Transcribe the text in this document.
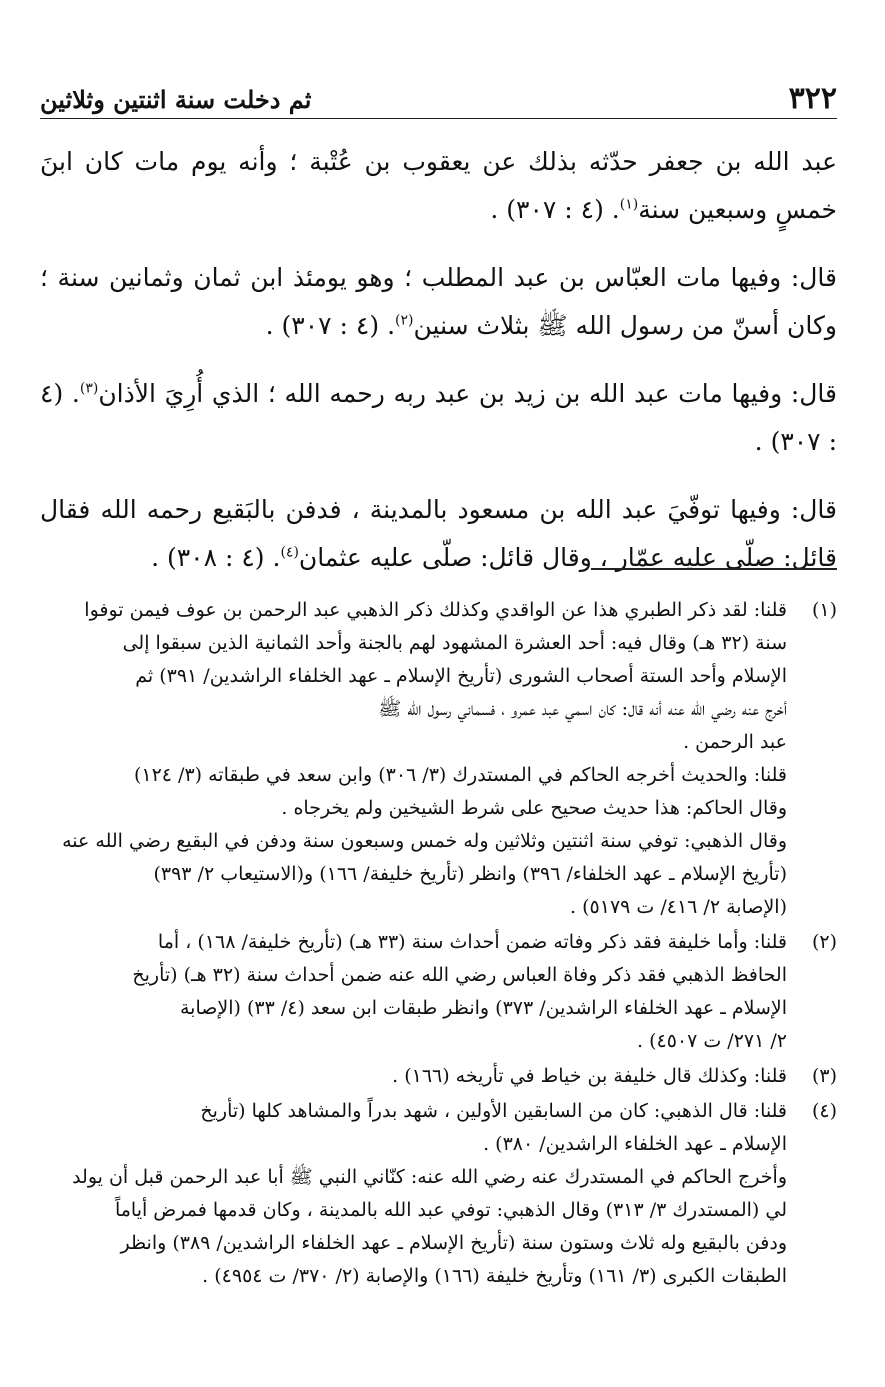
٣٢٢
ثم دخلت سنة اثنتين وثلاثين

عبد الله بن جعفر حدّثه بذلك عن يعقوب بن عُتْبة ؛ وأنه يوم مات كان ابنَ خمسٍ وسبعين سنة$^{(١)}$. (٤ : ٣٠٧) .

قال: وفيها مات العبّاس بن عبد المطلب ؛ وهو يومئذ ابن ثمان وثمانين سنة ؛ وكان أسنّ من رسول الله ﷺ بثلاث سنين$^{(٢)}$. (٤ : ٣٠٧) .

قال: وفيها مات عبد الله بن زيد بن عبد ربه رحمه الله ؛ الذي أُرِيَ الأذان$^{(٣)}$. (٤ : ٣٠٧) .

قال: وفيها توفّيَ عبد الله بن مسعود بالمدينة ، فدفن بالبَقيع رحمه الله فقال قائل: صلّى عليه عمّار ، وقال قائل: صلّى عليه عثمان$^{(٤)}$. (٤ : ٣٠٨) .

(١)

قلنا: لقد ذكر الطبري هذا عن الواقدي وكذلك ذكر الذهبي عبد الرحمن بن عوف فيمن توفوا

سنة (٣٢ هـ) وقال فيه: أحد العشرة المشهود لهم بالجنة وأحد الثمانية الذين سبقوا إلى

الإسلام وأحد الستة أصحاب الشورى (تأريخ الإسلام ـ عهد الخلفاء الراشدين/ ٣٩١) ثم

أخرج عنه رضي الله عنه أنه قال: كان اسمي عبد عمرو ، فسماني رسول الله ﷺ

عبد الرحمن .

قلنا: والحديث أخرجه الحاكم في المستدرك (٣/ ٣٠٦) وابن سعد في طبقاته (٣/ ١٢٤)

وقال الحاكم: هذا حديث صحيح على شرط الشيخين ولم يخرجاه .

وقال الذهبي: توفي سنة اثنتين وثلاثين وله خمس وسبعون سنة ودفن في البقيع رضي الله عنه

(تأريخ الإسلام ـ عهد الخلفاء/ ٣٩٦) وانظر (تأريخ خليفة/ ١٦٦) و(الاستيعاب ٢/ ٣٩٣)

(الإصابة ٢/ ٤١٦/ ت ٥١٧٩) .

(٢)

قلنا: وأما خليفة فقد ذكر وفاته ضمن أحداث سنة (٣٣ هـ) (تأريخ خليفة/ ١٦٨) ، أما

الحافظ الذهبي فقد ذكر وفاة العباس رضي الله عنه ضمن أحداث سنة (٣٢ هـ) (تأريخ

الإسلام ـ عهد الخلفاء الراشدين/ ٣٧٣) وانظر طبقات ابن سعد (٤/ ٣٣) (الإصابة

٢/ ٢٧١/ ت ٤٥٠٧) .

(٣)

قلنا: وكذلك قال خليفة بن خياط في تأريخه (١٦٦) .

(٤)

قلنا: قال الذهبي: كان من السابقين الأولين ، شهد بدراً والمشاهد كلها (تأريخ

الإسلام ـ عهد الخلفاء الراشدين/ ٣٨٠) .

وأخرج الحاكم في المستدرك عنه رضي الله عنه: كنّاني النبي ﷺ أبا عبد الرحمن قبل أن يولد

لي (المستدرك ٣/ ٣١٣) وقال الذهبي: توفي عبد الله بالمدينة ، وكان قدمها فمرض أياماً

ودفن بالبقيع وله ثلاث وستون سنة (تأريخ الإسلام ـ عهد الخلفاء الراشدين/ ٣٨٩) وانظر

الطبقات الكبرى (٣/ ١٦١) وتأريخ خليفة (١٦٦) والإصابة (٢/ ٣٧٠/ ت ٤٩٥٤) .
